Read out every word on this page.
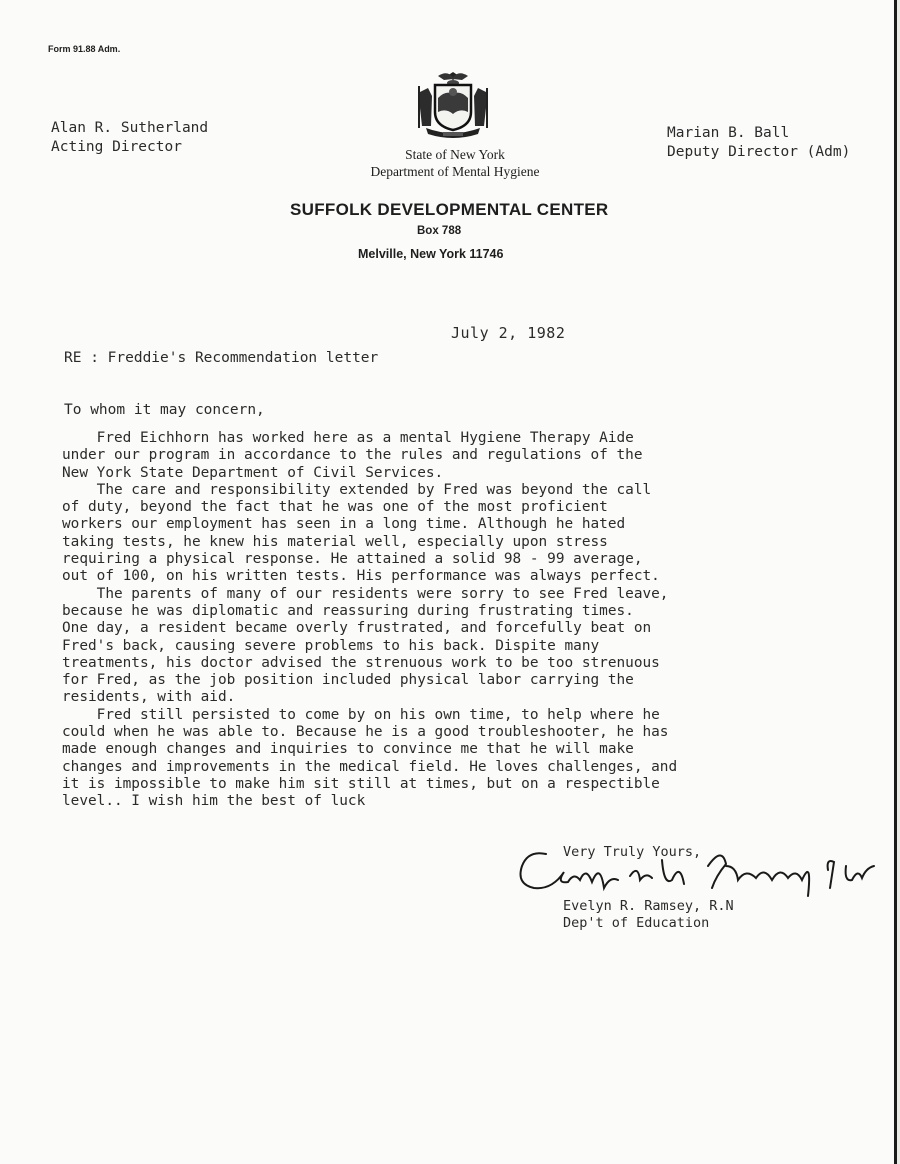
Form 91.88 Adm.
Alan R. Sutherland
Acting Director
Marian B. Ball
Deputy Director (Adm)
State of New York
Department of Mental Hygiene
SUFFOLK DEVELOPMENTAL CENTER
Box 788
Melville, New York 11746
July 2, 1982
RE : Freddie's Recommendation letter
To whom it may concern,
Fred Eichhorn has worked here as a mental Hygiene Therapy Aide
under our program in accordance to the rules and regulations of the
New York State Department of Civil Services.
The care and responsibility extended by Fred was beyond the call
of duty, beyond the fact that he was one of the most proficient
workers our employment has seen in a long time. Although he hated
taking tests, he knew his material well, especially upon stress
requiring a physical response. He attained a solid 98 - 99 average,
out of 100, on his written tests. His performance was always perfect.
The parents of many of our residents were sorry to see Fred leave,
because he was diplomatic and reassuring during frustrating times.
One day, a resident became overly frustrated, and forcefully beat on
Fred's back, causing severe problems to his back. Dispite many
treatments, his doctor advised the strenuous work to be too strenuous
for Fred, as the job position included physical labor carrying the
residents, with aid.
Fred still persisted to come by on his own time, to help where he
could when he was able to. Because he is a good troubleshooter, he has
made enough changes and inquiries to convince me that he will make
changes and improvements in the medical field. He loves challenges, and
it is impossible to make him sit still at times, but on a respectible
level.. I wish him the best of luck
Very Truly Yours,
Evelyn R. Ramsey, R.N
Dep't of Education
